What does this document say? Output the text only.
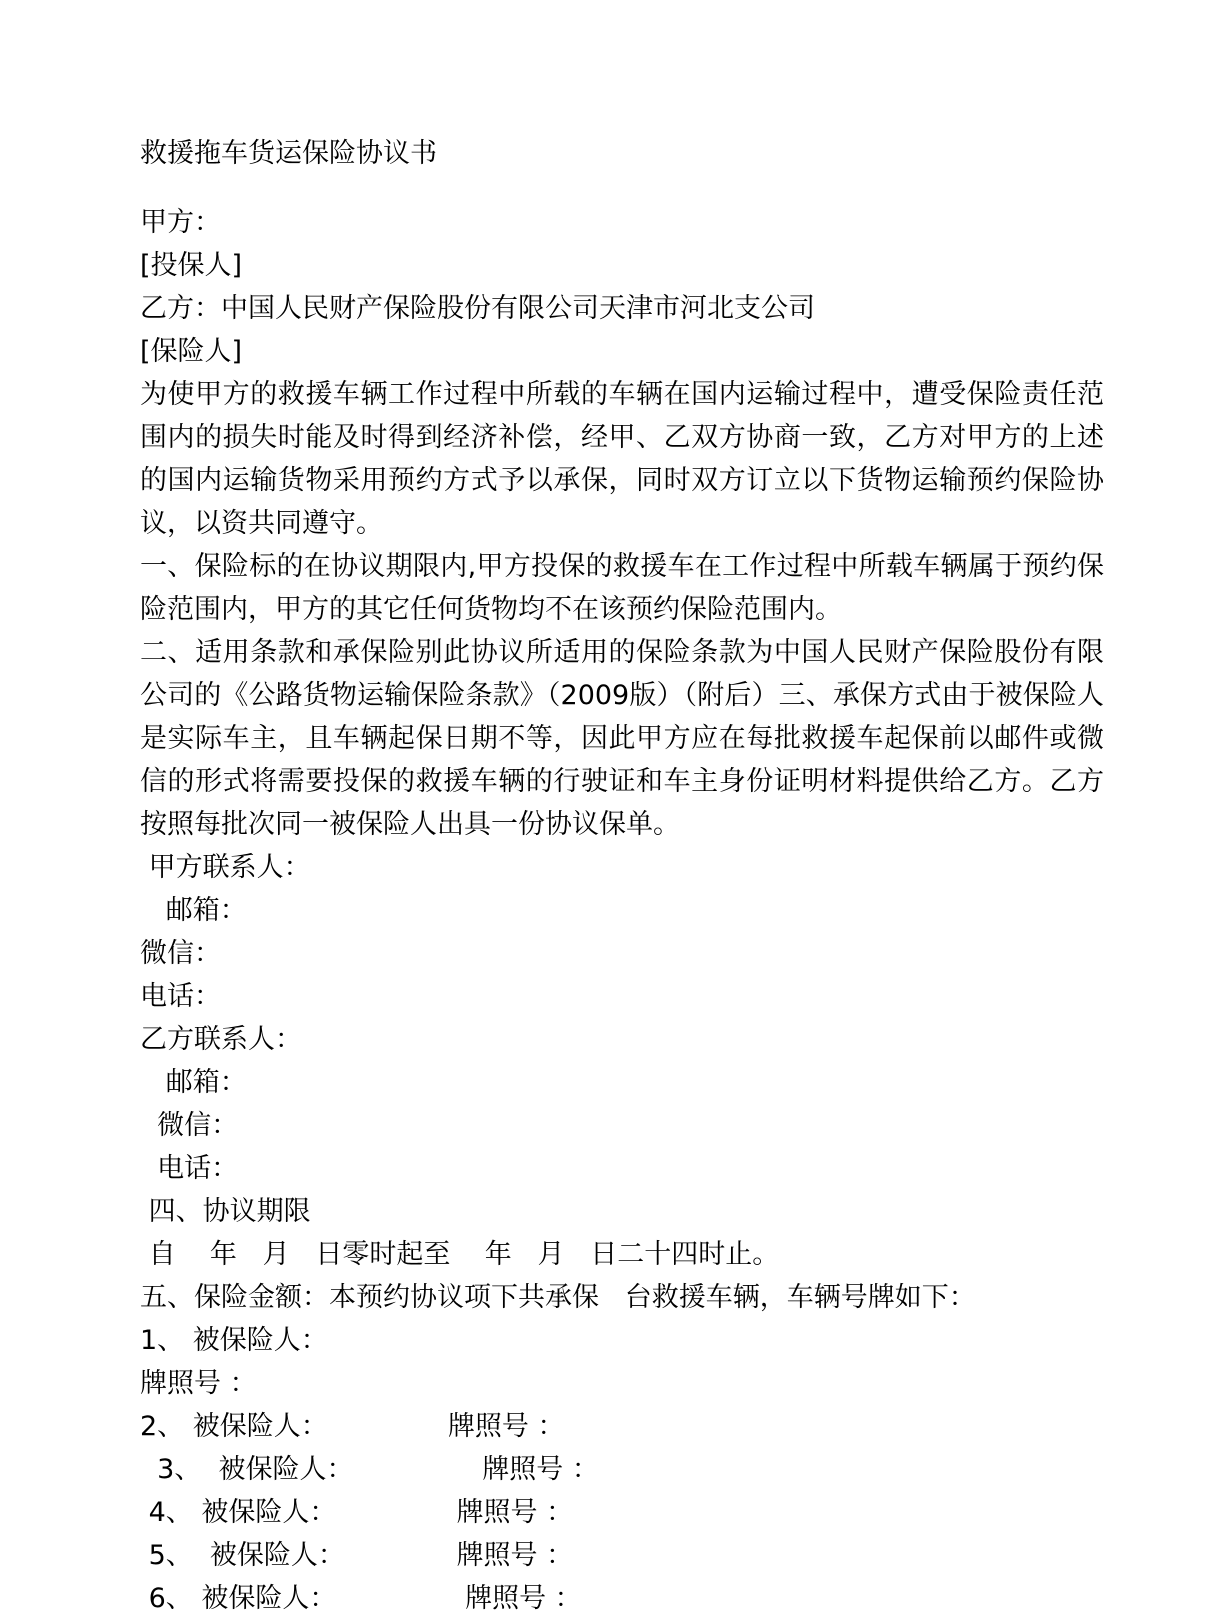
救援拖车货运保险协议书
甲方：
[投保人]
乙方：中国人民财产保险股份有限公司天津市河北支公司
[保险人]
为使甲方的救援车辆工作过程中所载的车辆在国内运输过程中，遭受保险责任范围内的损失时能及时得到经济补偿，经甲、乙双方协商一致，乙方对甲方的上述的国内运输货物采用预约方式予以承保，同时双方订立以下货物运输预约保险协议，以资共同遵守。
一、保险标的在协议期限内,甲方投保的救援车在工作过程中所载车辆属于预约保险范围内，甲方的其它任何货物均不在该预约保险范围内。
二、适用条款和承保险别此协议所适用的保险条款为中国人民财产保险股份有限公司的《公路货物运输保险条款》（2009版）（附后）三、承保方式由于被保险人是实际车主，且车辆起保日期不等，因此甲方应在每批救援车起保前以邮件或微信的形式将需要投保的救援车辆的行驶证和车主身份证明材料提供给乙方。乙方按照每批次同一被保险人出具一份协议保单。
甲方联系人：
邮箱：
微信：
电话：
乙方联系人：
邮箱：
微信：
电话：
四、协议期限
自    年   月   日零时起至    年   月   日二十四时止。
五、保险金额：本预约协议项下共承保   台救援车辆，车辆号牌如下：
1、 被保险人：
牌照号 ：
2、 被保险人：              牌照号 ：
3、  被保险人：               牌照号 ：
4、 被保险人：              牌照号 ：
5、  被保险人：             牌照号 ：
6、 被保险人：               牌照号 ：
